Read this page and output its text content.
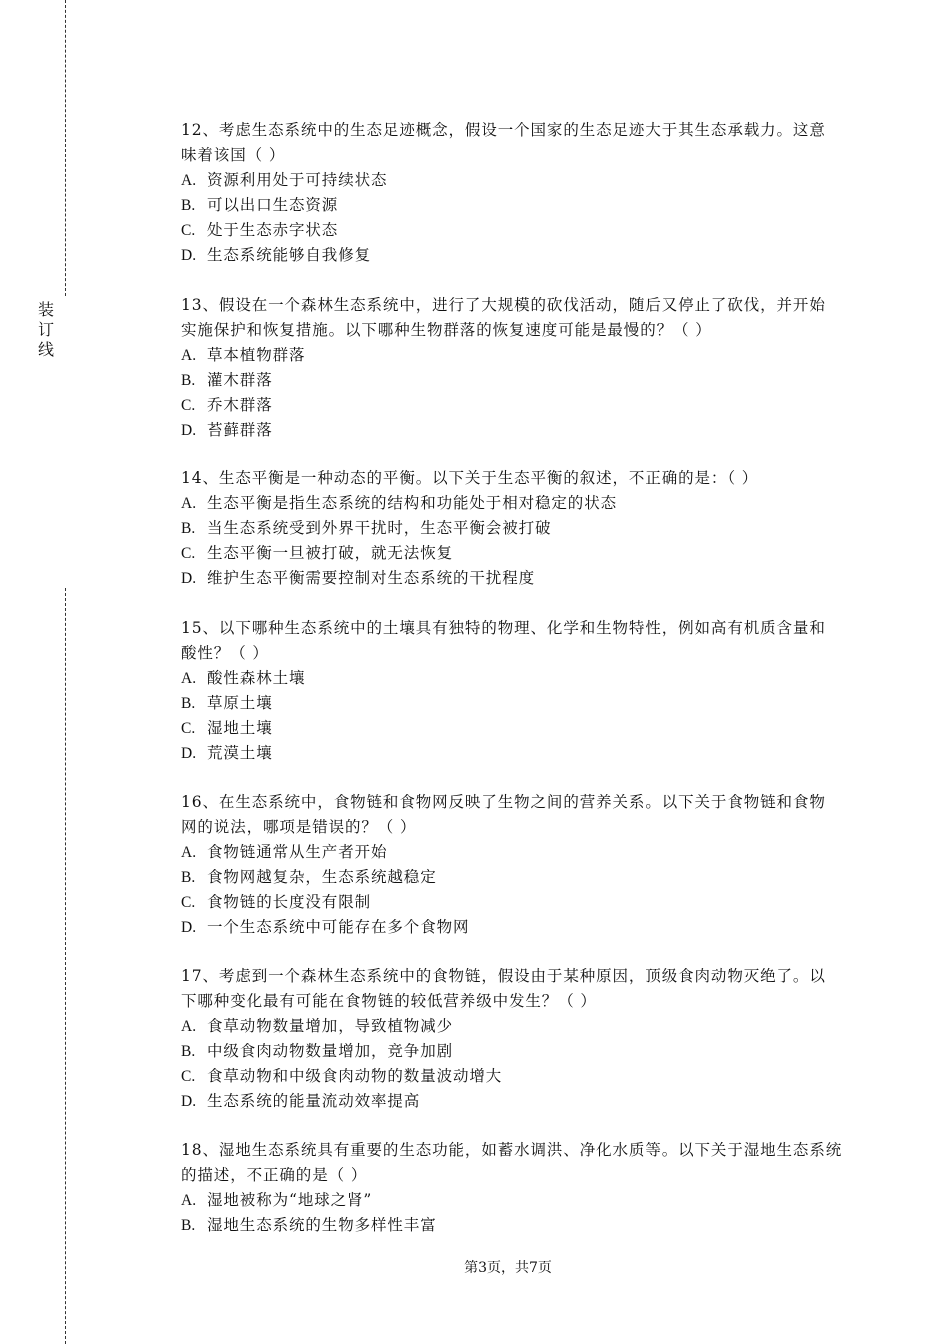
装订线
12、考虑生态系统中的生态足迹概念，假设一个国家的生态足迹大于其生态承载力。这意
味着该国（ ）
A. 资源利用处于可持续状态
B. 可以出口生态资源
C. 处于生态赤字状态
D. 生态系统能够自我修复
13、假设在一个森林生态系统中，进行了大规模的砍伐活动，随后又停止了砍伐，并开始
实施保护和恢复措施。以下哪种生物群落的恢复速度可能是最慢的？（ ）
A. 草本植物群落
B. 灌木群落
C. 乔木群落
D. 苔藓群落
14、生态平衡是一种动态的平衡。以下关于生态平衡的叙述，不正确的是：（ ）
A. 生态平衡是指生态系统的结构和功能处于相对稳定的状态
B. 当生态系统受到外界干扰时，生态平衡会被打破
C. 生态平衡一旦被打破，就无法恢复
D. 维护生态平衡需要控制对生态系统的干扰程度
15、以下哪种生态系统中的土壤具有独特的物理、化学和生物特性，例如高有机质含量和
酸性？（ ）
A. 酸性森林土壤
B. 草原土壤
C. 湿地土壤
D. 荒漠土壤
16、在生态系统中，食物链和食物网反映了生物之间的营养关系。以下关于食物链和食物
网的说法，哪项是错误的？（ ）
A. 食物链通常从生产者开始
B. 食物网越复杂，生态系统越稳定
C. 食物链的长度没有限制
D. 一个生态系统中可能存在多个食物网
17、考虑到一个森林生态系统中的食物链，假设由于某种原因，顶级食肉动物灭绝了。以
下哪种变化最有可能在食物链的较低营养级中发生？（ ）
A. 食草动物数量增加，导致植物减少
B. 中级食肉动物数量增加，竞争加剧
C. 食草动物和中级食肉动物的数量波动增大
D. 生态系统的能量流动效率提高
18、湿地生态系统具有重要的生态功能，如蓄水调洪、净化水质等。以下关于湿地生态系统
的描述，不正确的是（ ）
A. 湿地被称为“地球之肾”
B. 湿地生态系统的生物多样性丰富
第3页，共7页
